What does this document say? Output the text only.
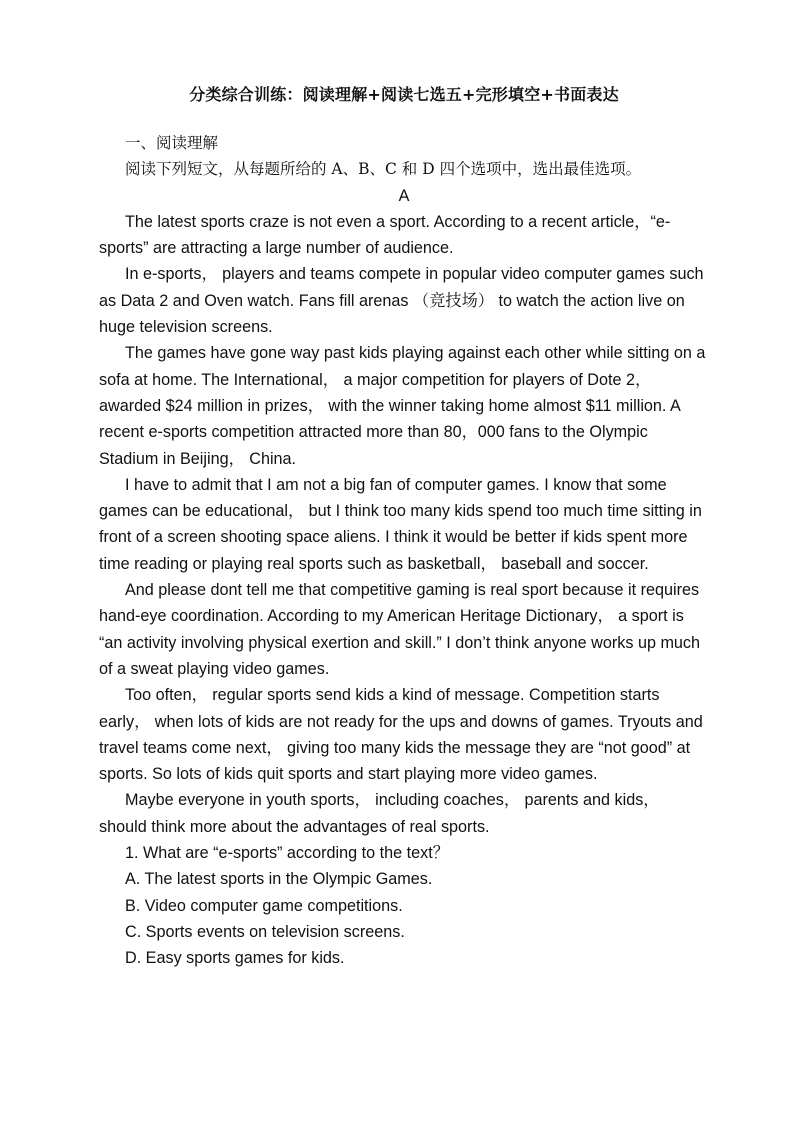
分类综合训练：阅读理解+阅读七选五+完形填空+书面表达
一、阅读理解
阅读下列短文，从每题所给的 A、B、C 和 D 四个选项中，选出最佳选项。
A

The latest sports craze is not even a sport. According to a recent article，“e-sports” are attracting a large number of audience.

In e-sports， players and teams compete in popular video computer games such as Data 2 and Oven watch. Fans fill arenas （竞技场） to watch the action live on huge television screens.

The games have gone way past kids playing against each other while sitting on a sofa at home. The International， a major competition for players of Dote 2， awarded $24 million in prizes， with the winner taking home almost $11 million. A recent e-sports competition attracted more than 80，000 fans to the Olympic Stadium in Beijing， China.

I have to admit that I am not a big fan of computer games. I know that some games can be educational， but I think too many kids spend too much time sitting in front of a screen shooting space aliens. I think it would be better if kids spent more time reading or playing real sports such as basketball， baseball and soccer.

And please dont tell me that competitive gaming is real sport because it requires hand-eye coordination. According to my American Heritage Dictionary， a sport is “an activity involving physical exertion and skill.” I don’t think anyone works up much of a sweat playing video games.

Too often， regular sports send kids a kind of message. Competition starts early， when lots of kids are not ready for the ups and downs of games. Tryouts and travel teams come next， giving too many kids the message they are “not good” at sports. So lots of kids quit sports and start playing more video games.

Maybe everyone in youth sports， including coaches， parents and kids， should think more about the advantages of real sports.

1. What are “e-sports” according to the text？

A. The latest sports in the Olympic Games.

B. Video computer game competitions.

C. Sports events on television screens.

D. Easy sports games for kids.
